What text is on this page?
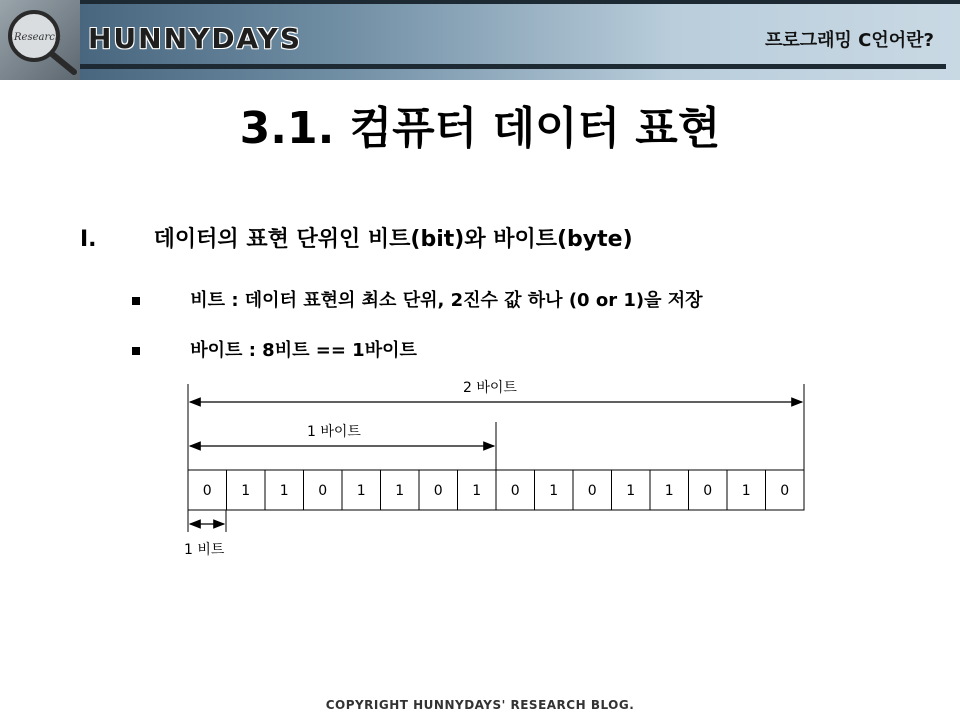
Research HUNNYDAYS	프로그래밍 C언어란?
3.1. 컴퓨터 데이터 표현
I.	데이터의 표현 단위인 비트(bit)와 바이트(byte)
비트 : 데이터 표현의 최소 단위, 2진수 값 하나 (0 or 1)을 저장
바이트 : 8비트 == 1바이트
2 바이트
1 바이트
0 1 1 0 1 1 0 1 0 1 0 1 1 0 1 0
1 비트
COPYRIGHT HUNNYDAYS' RESEARCH BLOG.
